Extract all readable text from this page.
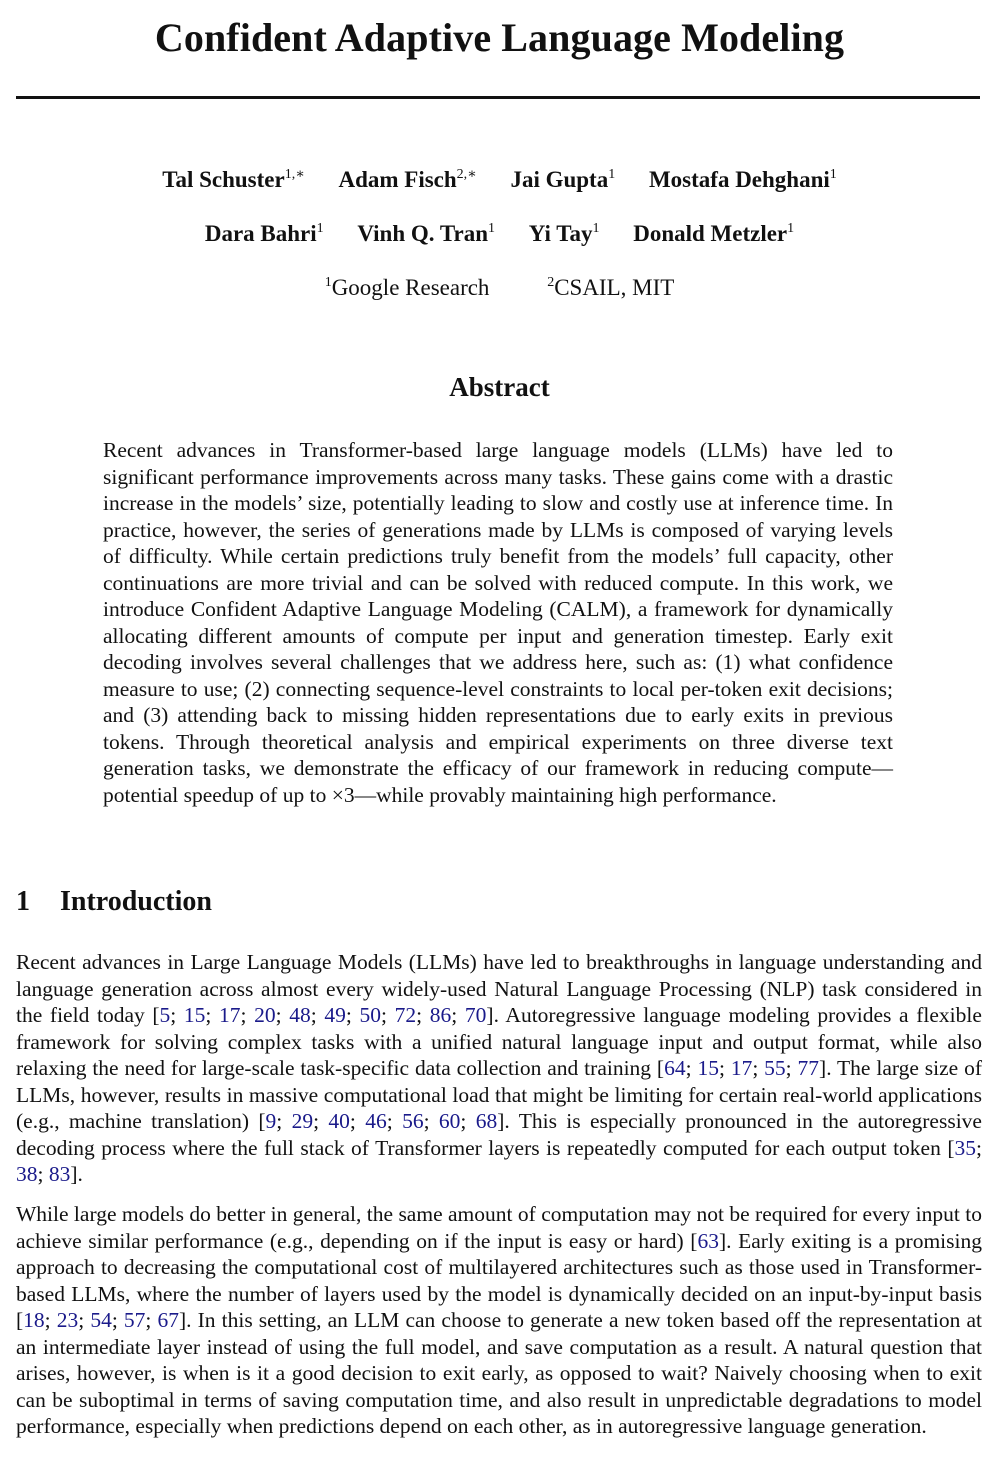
Confident Adaptive Language Modeling
Tal Schuster$^{1,∗}$ Adam Fisch$^{2,∗}$ Jai Gupta$^1$ Mostafa Dehghani$^1$
Dara Bahri$^1$ Vinh Q. Tran$^1$ Yi Tay$^1$ Donald Metzler$^1$
$^1$Google Research	$^2$CSAIL, MIT
Abstract
Recent advances in Transformer-based large language models (LLMs) have led to significant performance improvements across many tasks. These gains come with a drastic increase in the models’ size, potentially leading to slow and costly use at inference time. In practice, however, the series of generations made by LLMs is composed of varying levels of difficulty. While certain predictions truly benefit from the models’ full capacity, other continuations are more trivial and can be solved with reduced compute. In this work, we introduce Confident Adaptive Language Modeling (CALM), a framework for dynamically allocating different amounts of compute per input and generation timestep. Early exit decoding involves several challenges that we address here, such as: (1) what confidence measure to use; (2) connecting sequence-level constraints to local per-token exit decisions; and (3) attending back to missing hidden representations due to early exits in previous tokens. Through theoretical analysis and empirical experiments on three diverse text generation tasks, we demonstrate the efficacy of our framework in reducing compute—potential speedup of up to ×3—while provably maintaining high performance.
1 Introduction
Recent advances in Large Language Models (LLMs) have led to breakthroughs in language understanding and language generation across almost every widely-used Natural Language Processing (NLP) task considered in the field today [5; 15; 17; 20; 48; 49; 50; 72; 86; 70]. Autoregressive language modeling provides a flexible framework for solving complex tasks with a unified natural language input and output format, while also relaxing the need for large-scale task-specific data collection and training [64; 15; 17; 55; 77]. The large size of LLMs, however, results in massive computational load that might be limiting for certain real-world applications (e.g., machine translation) [9; 29; 40; 46; 56; 60; 68]. This is especially pronounced in the autoregressive decoding process where the full stack of Transformer layers is repeatedly computed for each output token [35; 38; 83].
While large models do better in general, the same amount of computation may not be required for every input to achieve similar performance (e.g., depending on if the input is easy or hard) [63]. Early exiting is a promising approach to decreasing the computational cost of multilayered architectures such as those used in Transformer-based LLMs, where the number of layers used by the model is dynamically decided on an input-by-input basis [18; 23; 54; 57; 67]. In this setting, an LLM can choose to generate a new token based off the representation at an intermediate layer instead of using the full model, and save computation as a result. A natural question that arises, however, is when is it a good decision to exit early, as opposed to wait? Naively choosing when to exit can be suboptimal in terms of saving computation time, and also result in unpredictable degradations to model performance, especially when predictions depend on each other, as in autoregressive language generation.
